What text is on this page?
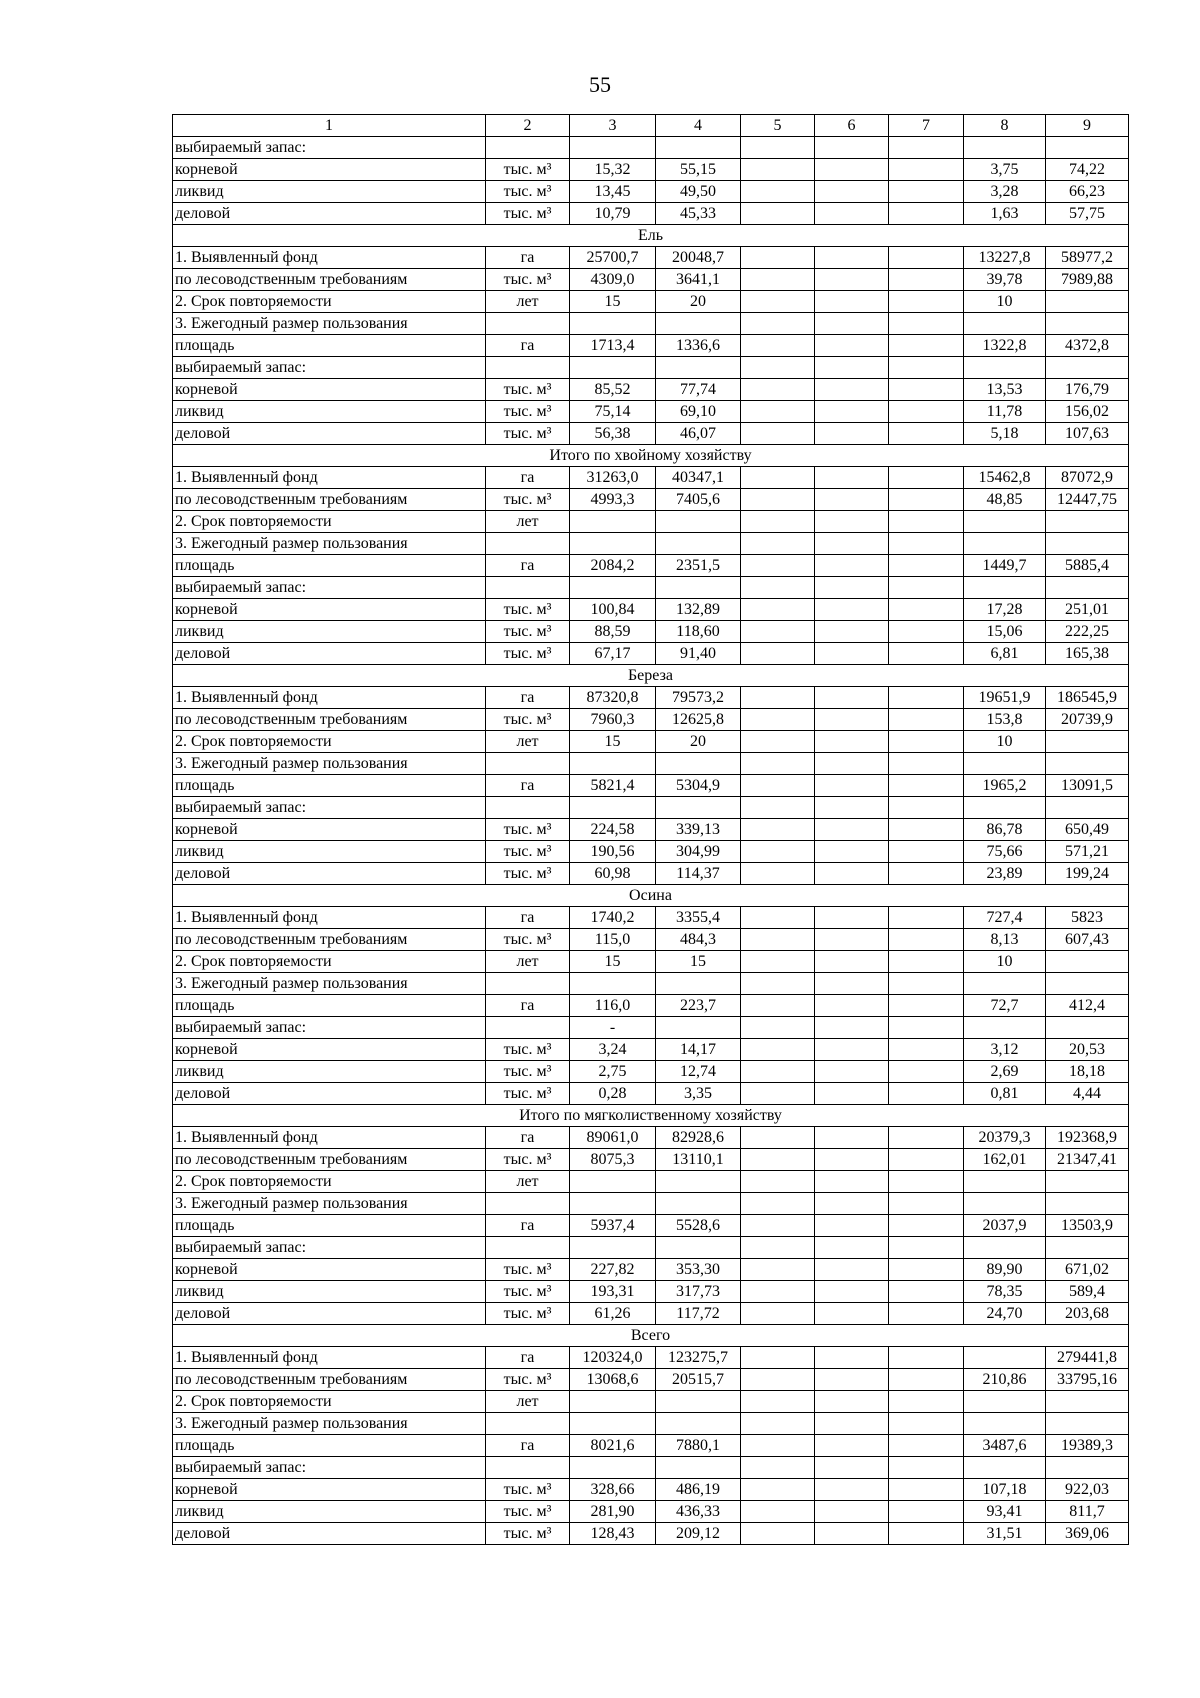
55
1	2	3	4	5	6	7	8	9
выбираемый запас:								
корневой	тыс. м³	15,32	55,15				3,75	74,22
ликвид	тыс. м³	13,45	49,50				3,28	66,23
деловой	тыс. м³	10,79	45,33				1,63	57,75
Ель								
1. Выявленный фонд	га	25700,7	20048,7				13227,8	58977,2
по лесоводственным требованиям	тыс. м³	4309,0	3641,1				39,78	7989,88
2. Срок повторяемости	лет	15	20				10	
3. Ежегодный размер пользования								
площадь	га	1713,4	1336,6				1322,8	4372,8
выбираемый запас:								
корневой	тыс. м³	85,52	77,74				13,53	176,79
ликвид	тыс. м³	75,14	69,10				11,78	156,02
деловой	тыс. м³	56,38	46,07				5,18	107,63
Итого по хвойному хозяйству								
1. Выявленный фонд	га	31263,0	40347,1				15462,8	87072,9
по лесоводственным требованиям	тыс. м³	4993,3	7405,6				48,85	12447,75
2. Срок повторяемости	лет							
3. Ежегодный размер пользования								
площадь	га	2084,2	2351,5				1449,7	5885,4
выбираемый запас:								
корневой	тыс. м³	100,84	132,89				17,28	251,01
ликвид	тыс. м³	88,59	118,60				15,06	222,25
деловой	тыс. м³	67,17	91,40				6,81	165,38
Береза								
1. Выявленный фонд	га	87320,8	79573,2				19651,9	186545,9
по лесоводственным требованиям	тыс. м³	7960,3	12625,8				153,8	20739,9
2. Срок повторяемости	лет	15	20				10	
3. Ежегодный размер пользования								
площадь	га	5821,4	5304,9				1965,2	13091,5
выбираемый запас:								
корневой	тыс. м³	224,58	339,13				86,78	650,49
ликвид	тыс. м³	190,56	304,99				75,66	571,21
деловой	тыс. м³	60,98	114,37				23,89	199,24
Осина								
1. Выявленный фонд	га	1740,2	3355,4				727,4	5823
по лесоводственным требованиям	тыс. м³	115,0	484,3				8,13	607,43
2. Срок повторяемости	лет	15	15				10	
3. Ежегодный размер пользования								
площадь	га	116,0	223,7				72,7	412,4
выбираемый запас:		-						
корневой	тыс. м³	3,24	14,17				3,12	20,53
ликвид	тыс. м³	2,75	12,74				2,69	18,18
деловой	тыс. м³	0,28	3,35				0,81	4,44
Итого по мягколиственному хозяйству								
1. Выявленный фонд	га	89061,0	82928,6				20379,3	192368,9
по лесоводственным требованиям	тыс. м³	8075,3	13110,1				162,01	21347,41
2. Срок повторяемости	лет							
3. Ежегодный размер пользования								
площадь	га	5937,4	5528,6				2037,9	13503,9
выбираемый запас:								
корневой	тыс. м³	227,82	353,30				89,90	671,02
ликвид	тыс. м³	193,31	317,73				78,35	589,4
деловой	тыс. м³	61,26	117,72				24,70	203,68
Всего								
1. Выявленный фонд	га	120324,0	123275,7					279441,8
по лесоводственным требованиям	тыс. м³	13068,6	20515,7				210,86	33795,16
2. Срок повторяемости	лет							
3. Ежегодный размер пользования								
площадь	га	8021,6	7880,1				3487,6	19389,3
выбираемый запас:								
корневой	тыс. м³	328,66	486,19				107,18	922,03
ликвид	тыс. м³	281,90	436,33				93,41	811,7
деловой	тыс. м³	128,43	209,12				31,51	369,06
